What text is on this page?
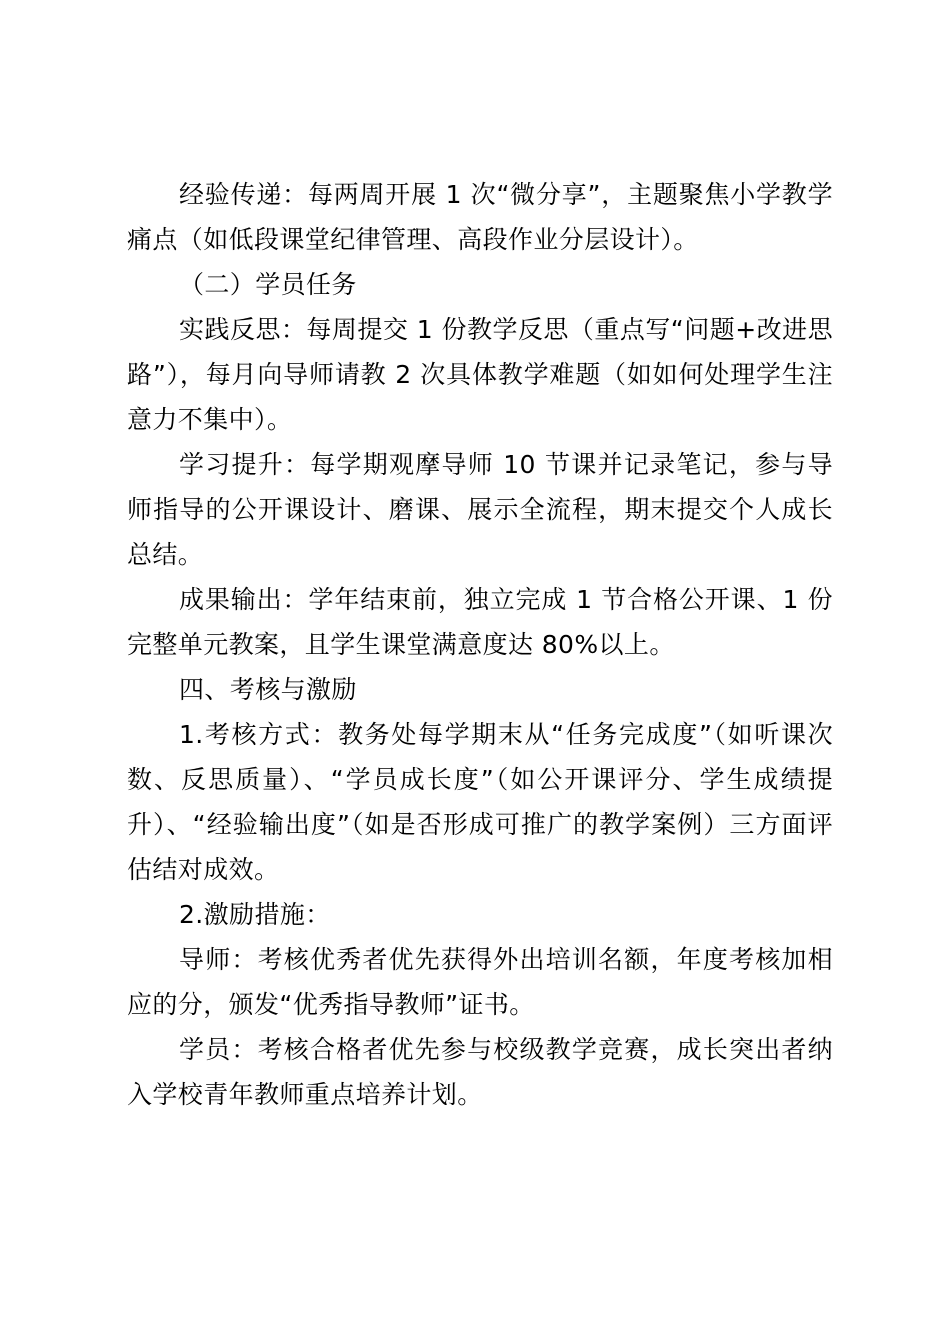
经验传递：每两周开展 1 次“微分享”，主题聚焦小学教学痛点（如低段课堂纪律管理、高段作业分层设计）。

（二）学员任务

实践反思：每周提交 1 份教学反思（重点写“问题+改进思路”），每月向导师请教 2 次具体教学难题（如如何处理学生注意力不集中）。

学习提升：每学期观摩导师 10 节课并记录笔记，参与导师指导的公开课设计、磨课、展示全流程，期末提交个人成长总结。

成果输出：学年结束前，独立完成 1 节合格公开课、1 份完整单元教案，且学生课堂满意度达 80%以上。

四、考核与激励

1.考核方式：教务处每学期末从“任务完成度”（如听课次数、反思质量）、“学员成长度”（如公开课评分、学生成绩提升）、“经验输出度”（如是否形成可推广的教学案例）三方面评估结对成效。

2.激励措施：

导师：考核优秀者优先获得外出培训名额，年度考核加相应的分，颁发“优秀指导教师”证书。

学员：考核合格者优先参与校级教学竞赛，成长突出者纳入学校青年教师重点培养计划。
